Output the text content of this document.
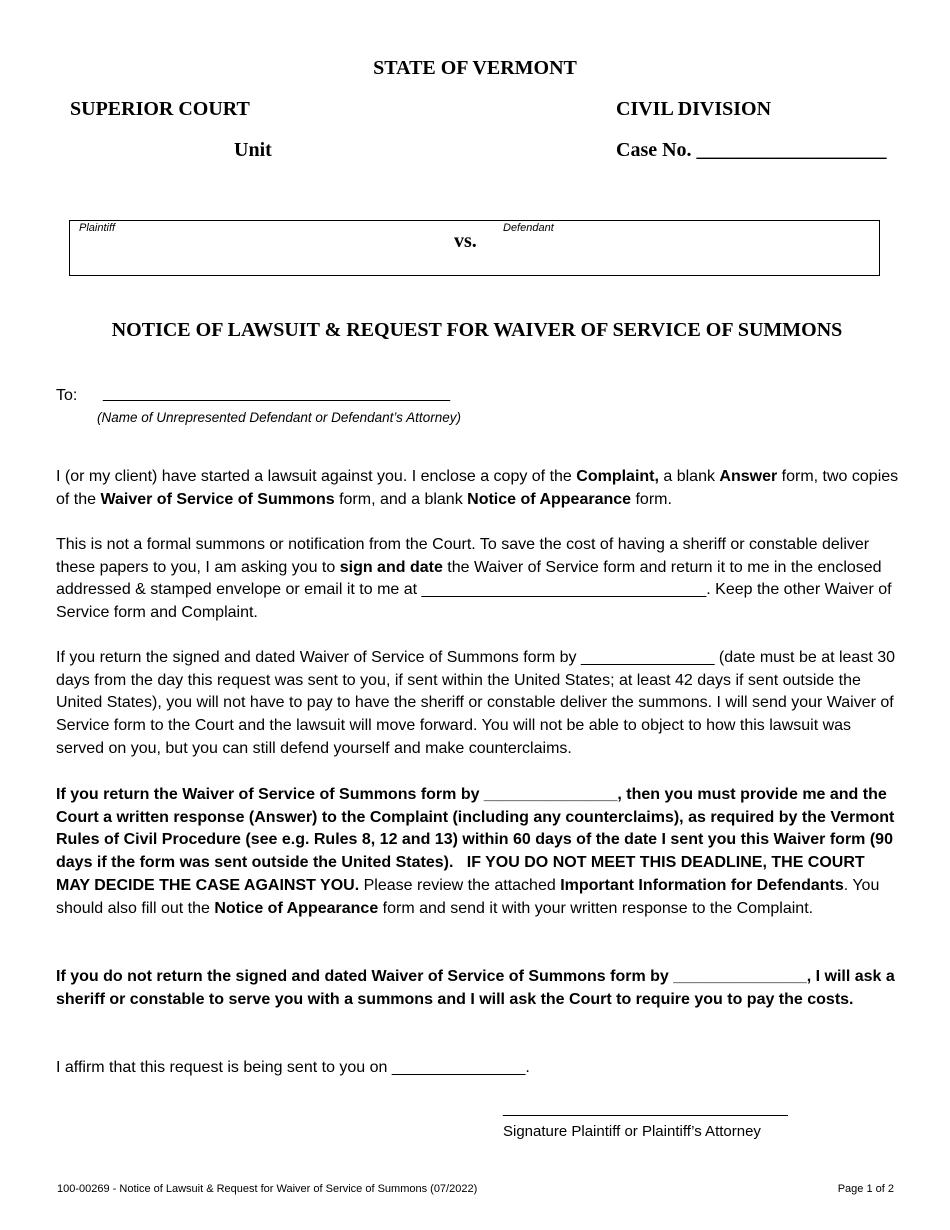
STATE OF VERMONT
SUPERIOR COURT
Unit
CIVIL DIVISION
Case No. ___________________
Plaintiff
vs.
Defendant
NOTICE OF LAWSUIT & REQUEST FOR WAIVER OF SERVICE OF SUMMONS
To: _______________________________________
(Name of Unrepresented Defendant or Defendant’s Attorney)
I (or my client) have started a lawsuit against you. I enclose a copy of the Complaint, a blank Answer form, two copies of the Waiver of Service of Summons form, and a blank Notice of Appearance form.
This is not a formal summons or notification from the Court. To save the cost of having a sheriff or constable deliver these papers to you, I am asking you to sign and date the Waiver of Service form and return it to me in the enclosed addressed & stamped envelope or email it to me at ________________________________. Keep the other Waiver of Service form and Complaint.
If you return the signed and dated Waiver of Service of Summons form by _______________ (date must be at least 30 days from the day this request was sent to you, if sent within the United States; at least 42 days if sent outside the United States), you will not have to pay to have the sheriff or constable deliver the summons. I will send your Waiver of Service form to the Court and the lawsuit will move forward. You will not be able to object to how this lawsuit was served on you, but you can still defend yourself and make counterclaims.
If you return the Waiver of Service of Summons form by _______________, then you must provide me and the Court a written response (Answer) to the Complaint (including any counterclaims), as required by the Vermont Rules of Civil Procedure (see e.g. Rules 8, 12 and 13) within 60 days of the date I sent you this Waiver form (90 days if the form was sent outside the United States). IF YOU DO NOT MEET THIS DEADLINE, THE COURT MAY DECIDE THE CASE AGAINST YOU. Please review the attached Important Information for Defendants. You should also fill out the Notice of Appearance form and send it with your written response to the Complaint.
If you do not return the signed and dated Waiver of Service of Summons form by _______________, I will ask a sheriff or constable to serve you with a summons and I will ask the Court to require you to pay the costs.
I affirm that this request is being sent to you on _______________.
________________________________
Signature Plaintiff or Plaintiff’s Attorney
100-00269 - Notice of Lawsuit & Request for Waiver of Service of Summons (07/2022)	Page 1 of 2
